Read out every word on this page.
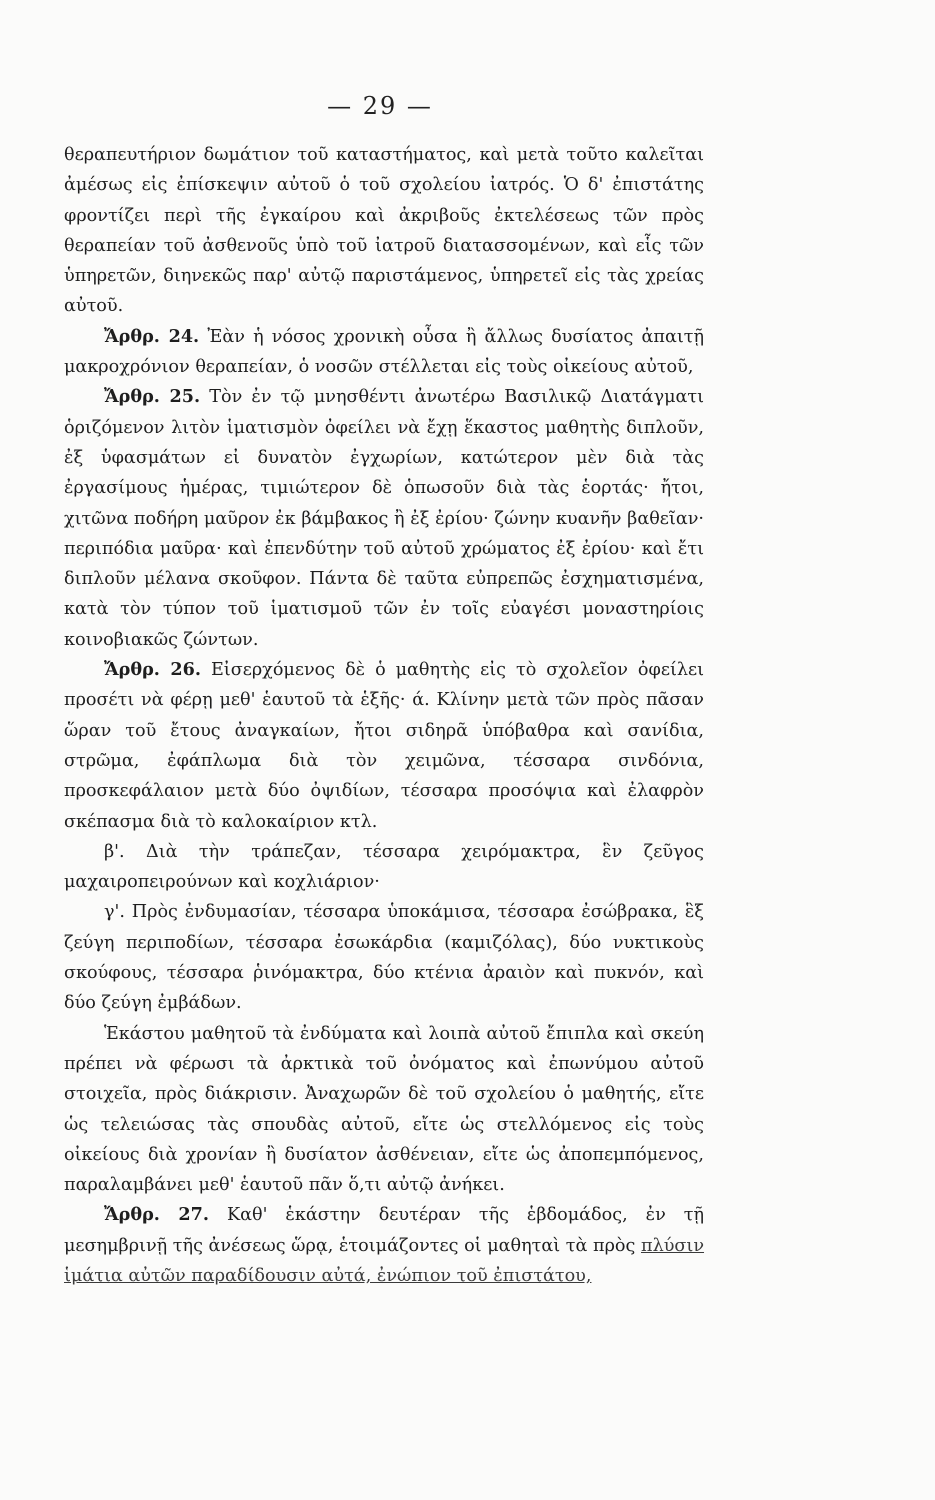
— 29 —

θεραπευτήριον δωμάτιον τοῦ καταστήματος, καὶ μετὰ τοῦτο καλεῖται ἀμέσως εἰς ἐπίσκεψιν αὐτοῦ ὁ τοῦ σχολείου ἰατρός. Ὁ δ' ἐπιστάτης φροντίζει περὶ τῆς ἐγκαίρου καὶ ἀκριβοῦς ἐκτελέσεως τῶν πρὸς θεραπείαν τοῦ ἀσθενοῦς ὑπὸ τοῦ ἰατροῦ διατασσομένων, καὶ εἷς τῶν ὑπηρετῶν, διηνεκῶς παρ' αὐτῷ παριστάμενος, ὑπηρετεῖ εἰς τὰς χρείας αὐτοῦ.

Ἄρθρ. 24. Ἐὰν ἡ νόσος χρονικὴ οὖσα ἢ ἄλλως δυσίατος ἀπαιτῇ μακροχρόνιον θεραπείαν, ὁ νοσῶν στέλλεται εἰς τοὺς οἰκείους αὐτοῦ,

Ἄρθρ. 25. Τὸν ἐν τῷ μνησθέντι ἀνωτέρω Βασιλικῷ Διατάγματι ὁριζόμενον λιτὸν ἱματισμὸν ὀφείλει νὰ ἔχῃ ἕκαστος μαθητὴς διπλοῦν, ἐξ ὑφασμάτων εἰ δυνατὸν ἐγχωρίων, κατώτερον μὲν διὰ τὰς ἐργασίμους ἡμέρας, τιμιώτερον δὲ ὁπωσοῦν διὰ τὰς ἑορτάς· ἤτοι, χιτῶνα ποδήρη μαῦρον ἐκ βάμβακος ἢ ἐξ ἐρίου· ζώνην κυανῆν βαθεῖαν· περιπόδια μαῦρα· καὶ ἐπενδύτην τοῦ αὐτοῦ χρώματος ἐξ ἐρίου· καὶ ἔτι διπλοῦν μέλανα σκοῦφον. Πάντα δὲ ταῦτα εὐπρεπῶς ἐσχηματισμένα, κατὰ τὸν τύπον τοῦ ἱματισμοῦ τῶν ἐν τοῖς εὐαγέσι μοναστηρίοις κοινοβιακῶς ζώντων.

Ἄρθρ. 26. Εἰσερχόμενος δὲ ὁ μαθητὴς εἰς τὸ σχολεῖον ὀφείλει προσέτι νὰ φέρῃ μεθ' ἑαυτοῦ τὰ ἑξῆς· ά. Κλίνην μετὰ τῶν πρὸς πᾶσαν ὥραν τοῦ ἔτους ἀναγκαίων, ἤτοι σιδηρᾶ ὑπόβαθρα καὶ σανίδια, στρῶμα, ἐφάπλωμα διὰ τὸν χειμῶνα, τέσσαρα σινδόνια, προσκεφάλαιον μετὰ δύο ὀψιδίων, τέσσαρα προσόψια καὶ ἐλαφρὸν σκέπασμα διὰ τὸ καλοκαίριον κτλ.

β'. Διὰ τὴν τράπεζαν, τέσσαρα χειρόμακτρα, ἓν ζεῦγος μαχαιροπειρούνων καὶ κοχλιάριον·

γ'. Πρὸς ἐνδυμασίαν, τέσσαρα ὑποκάμισα, τέσσαρα ἐσώβρακα, ἓξ ζεύγη περιποδίων, τέσσαρα ἐσωκάρδια (καμιζόλας), δύο νυκτικοὺς σκούφους, τέσσαρα ῥινόμακτρα, δύο κτένια ἀραιὸν καὶ πυκνόν, καὶ δύο ζεύγη ἐμβάδων.

Ἑκάστου μαθητοῦ τὰ ἐνδύματα καὶ λοιπὰ αὐτοῦ ἔπιπλα καὶ σκεύη πρέπει νὰ φέρωσι τὰ ἀρκτικὰ τοῦ ὀνόματος καὶ ἐπωνύμου αὐτοῦ στοιχεῖα, πρὸς διάκρισιν. Ἀναχωρῶν δὲ τοῦ σχολείου ὁ μαθητής, εἴτε ὡς τελειώσας τὰς σπουδὰς αὐτοῦ, εἴτε ὡς στελλόμενος εἰς τοὺς οἰκείους διὰ χρονίαν ἢ δυσίατον ἀσθένειαν, εἴτε ὡς ἀποπεμπόμενος, παραλαμβάνει μεθ' ἑαυτοῦ πᾶν ὅ,τι αὐτῷ ἀνήκει.

Ἄρθρ. 27. Καθ' ἑκάστην δευτέραν τῆς ἑβδομάδος, ἐν τῇ μεσημβρινῇ τῆς ἀνέσεως ὥρᾳ, ἑτοιμάζοντες οἱ μαθηταὶ τὰ πρὸς πλύσιν ἱμάτια αὐτῶν παραδίδουσιν αὐτά, ἐνώπιον τοῦ ἐπιστάτου,
